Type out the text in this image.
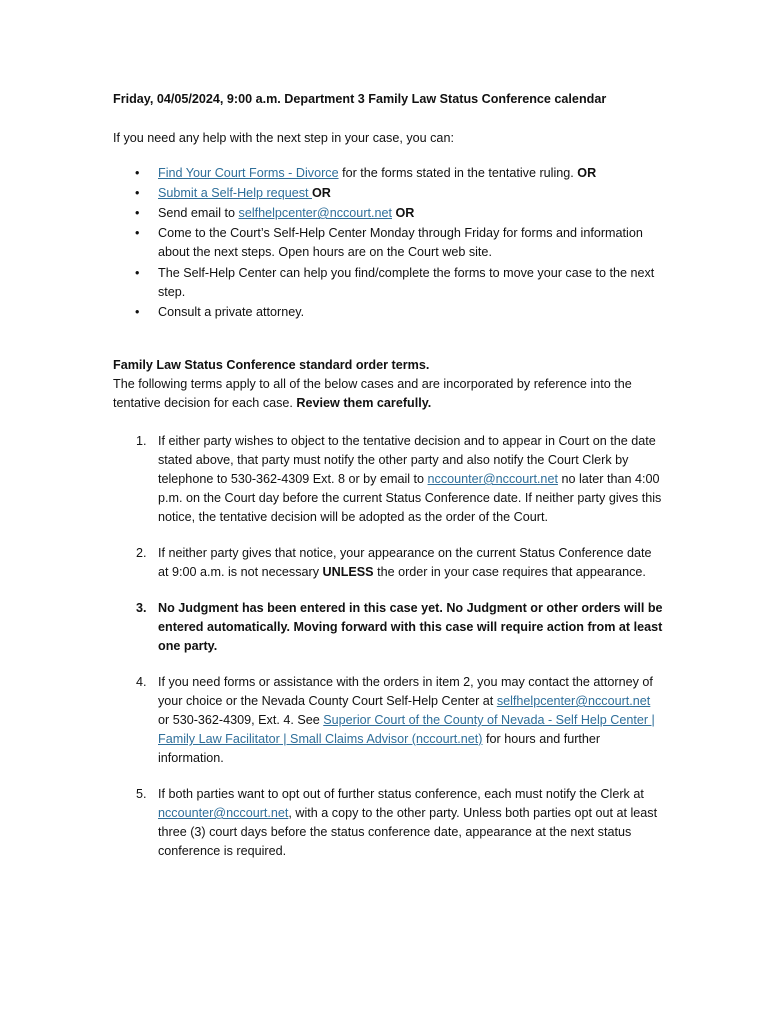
Friday, 04/05/2024, 9:00 a.m. Department 3 Family Law Status Conference calendar

If you need any help with the next step in your case, you can:

• Find Your Court Forms - Divorce for the forms stated in the tentative ruling. OR
• Submit a Self-Help request OR
• Send email to selfhelpcenter@nccourt.net OR
• Come to the Court’s Self-Help Center Monday through Friday for forms and information about the next steps. Open hours are on the Court web site.
• The Self-Help Center can help you find/complete the forms to move your case to the next step.
• Consult a private attorney.

Family Law Status Conference standard order terms.

The following terms apply to all of the below cases and are incorporated by reference into the tentative decision for each case. Review them carefully.

1. If either party wishes to object to the tentative decision and to appear in Court on the date stated above, that party must notify the other party and also notify the Court Clerk by telephone to 530-362-4309 Ext. 8 or by email to nccounter@nccourt.net no later than 4:00 p.m. on the Court day before the current Status Conference date. If neither party gives this notice, the tentative decision will be adopted as the order of the Court.
2. If neither party gives that notice, your appearance on the current Status Conference date at 9:00 a.m. is not necessary UNLESS the order in your case requires that appearance.
3. No Judgment has been entered in this case yet. No Judgment or other orders will be entered automatically. Moving forward with this case will require action from at least one party.
4. If you need forms or assistance with the orders in item 2, you may contact the attorney of your choice or the Nevada County Court Self-Help Center at selfhelpcenter@nccourt.net or 530-362-4309, Ext. 4. See Superior Court of the County of Nevada - Self Help Center | Family Law Facilitator | Small Claims Advisor (nccourt.net) for hours and further information.
5. If both parties want to opt out of further status conference, each must notify the Clerk at nccounter@nccourt.net, with a copy to the other party. Unless both parties opt out at least three (3) court days before the status conference date, appearance at the next status conference is required.
